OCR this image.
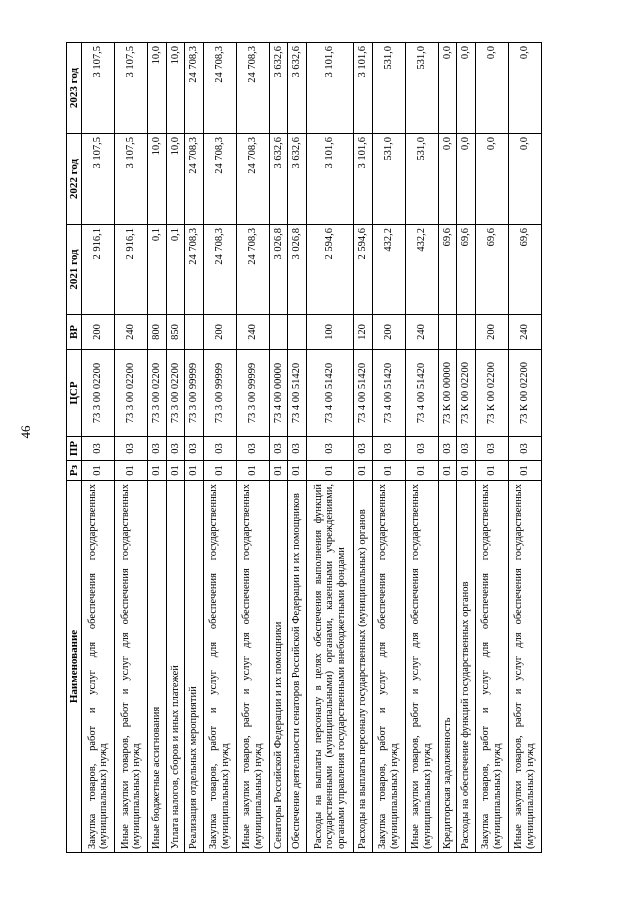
46
Наименование	Рз	ПР	ЦСР	ВР	2021 год	2022 год	2023 год
Закупка товаров, работ и услуг для обеспечения государственных (муниципальных) нужд	01	03	73 3 00 02200	200	2 916,1	3 107,5	3 107,5
Иные закупки товаров, работ и услуг для обеспечения государственных (муниципальных) нужд	01	03	73 3 00 02200	240	2 916,1	3 107,5	3 107,5
Иные бюджетные ассигнования	01	03	73 3 00 02200	800	0,1	10,0	10,0
Уплата налогов, сборов и иных платежей	01	03	73 3 00 02200	850	0,1	10,0	10,0
Реализация отдельных мероприятий	01	03	73 3 00 99999		24 708,3	24 708,3	24 708,3
Закупка товаров, работ и услуг для обеспечения государственных (муниципальных) нужд	01	03	73 3 00 99999	200	24 708,3	24 708,3	24 708,3
Иные закупки товаров, работ и услуг для обеспечения государственных (муниципальных) нужд	01	03	73 3 00 99999	240	24 708,3	24 708,3	24 708,3
Сенаторы Российской Федерации и их помощники	01	03	73 4 00 00000		3 026,8	3 632,6	3 632,6
Обеспечение деятельности сенаторов Российской Федерации и их помощников	01	03	73 4 00 51420		3 026,8	3 632,6	3 632,6
Расходы на выплаты персоналу в целях обеспечения выполнения функций государственными (муниципальными) органами, казенными учреждениями, органами управления государственными внебюджетными фондами	01	03	73 4 00 51420	100	2 594,6	3 101,6	3 101,6
Расходы на выплаты персоналу государственных (муниципальных) органов	01	03	73 4 00 51420	120	2 594,6	3 101,6	3 101,6
Закупка товаров, работ и услуг для обеспечения государственных (муниципальных) нужд	01	03	73 4 00 51420	200	432,2	531,0	531,0
Иные закупки товаров, работ и услуг для обеспечения государственных (муниципальных) нужд	01	03	73 4 00 51420	240	432,2	531,0	531,0
Кредиторская задолженность	01	03	73 К 00 00000		69,6	0,0	0,0
Расходы на обеспечение функций государственных органов	01	03	73 К 00 02200		69,6	0,0	0,0
Закупка товаров, работ и услуг для обеспечения государственных (муниципальных) нужд	01	03	73 К 00 02200	200	69,6	0,0	0,0
Иные закупки товаров, работ и услуг для обеспечения государственных (муниципальных) нужд	01	03	73 К 00 02200	240	69,6	0,0	0,0
